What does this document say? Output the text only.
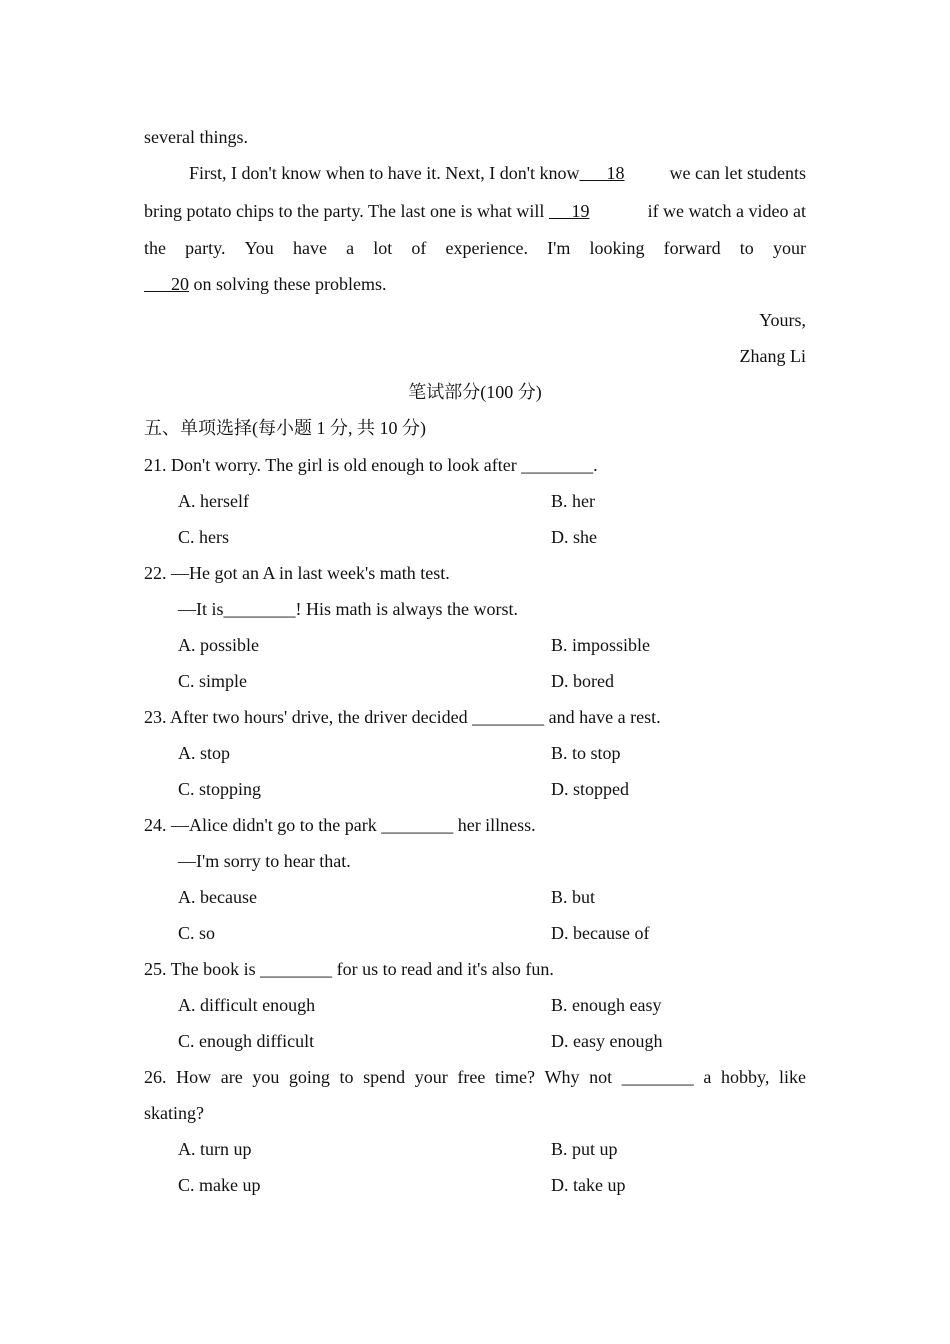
several things.
First, I don't know when to have it. Next, I don't know 18	we can let students
bring potato chips to the party. The last one is what will 19	if we watch a video at
the party. You have a lot of experience. I'm looking forward to your
20 on solving these problems.
Yours,
Zhang Li
笔试部分(100 分)
五、单项选择(每小题 1 分, 共 10 分)
21. Don't worry. The girl is old enough to look after ________.
A. herself	B. her
C. hers	D. she
22. —He got an A in last week's math test.
—It is________! His math is always the worst.
A. possible	B. impossible
C. simple	D. bored
23. After two hours' drive, the driver decided ________ and have a rest.
A. stop	B. to stop
C. stopping	D. stopped
24. —Alice didn't go to the park ________ her illness.
—I'm sorry to hear that.
A. because	B. but
C. so	D. because of
25. The book is ________ for us to read and it's also fun.
A. difficult enough	B. enough easy
C. enough difficult	D. easy enough
26. How are you going to spend your free time? Why not ________ a hobby, like
skating?
A. turn up	B. put up
C. make up	D. take up
